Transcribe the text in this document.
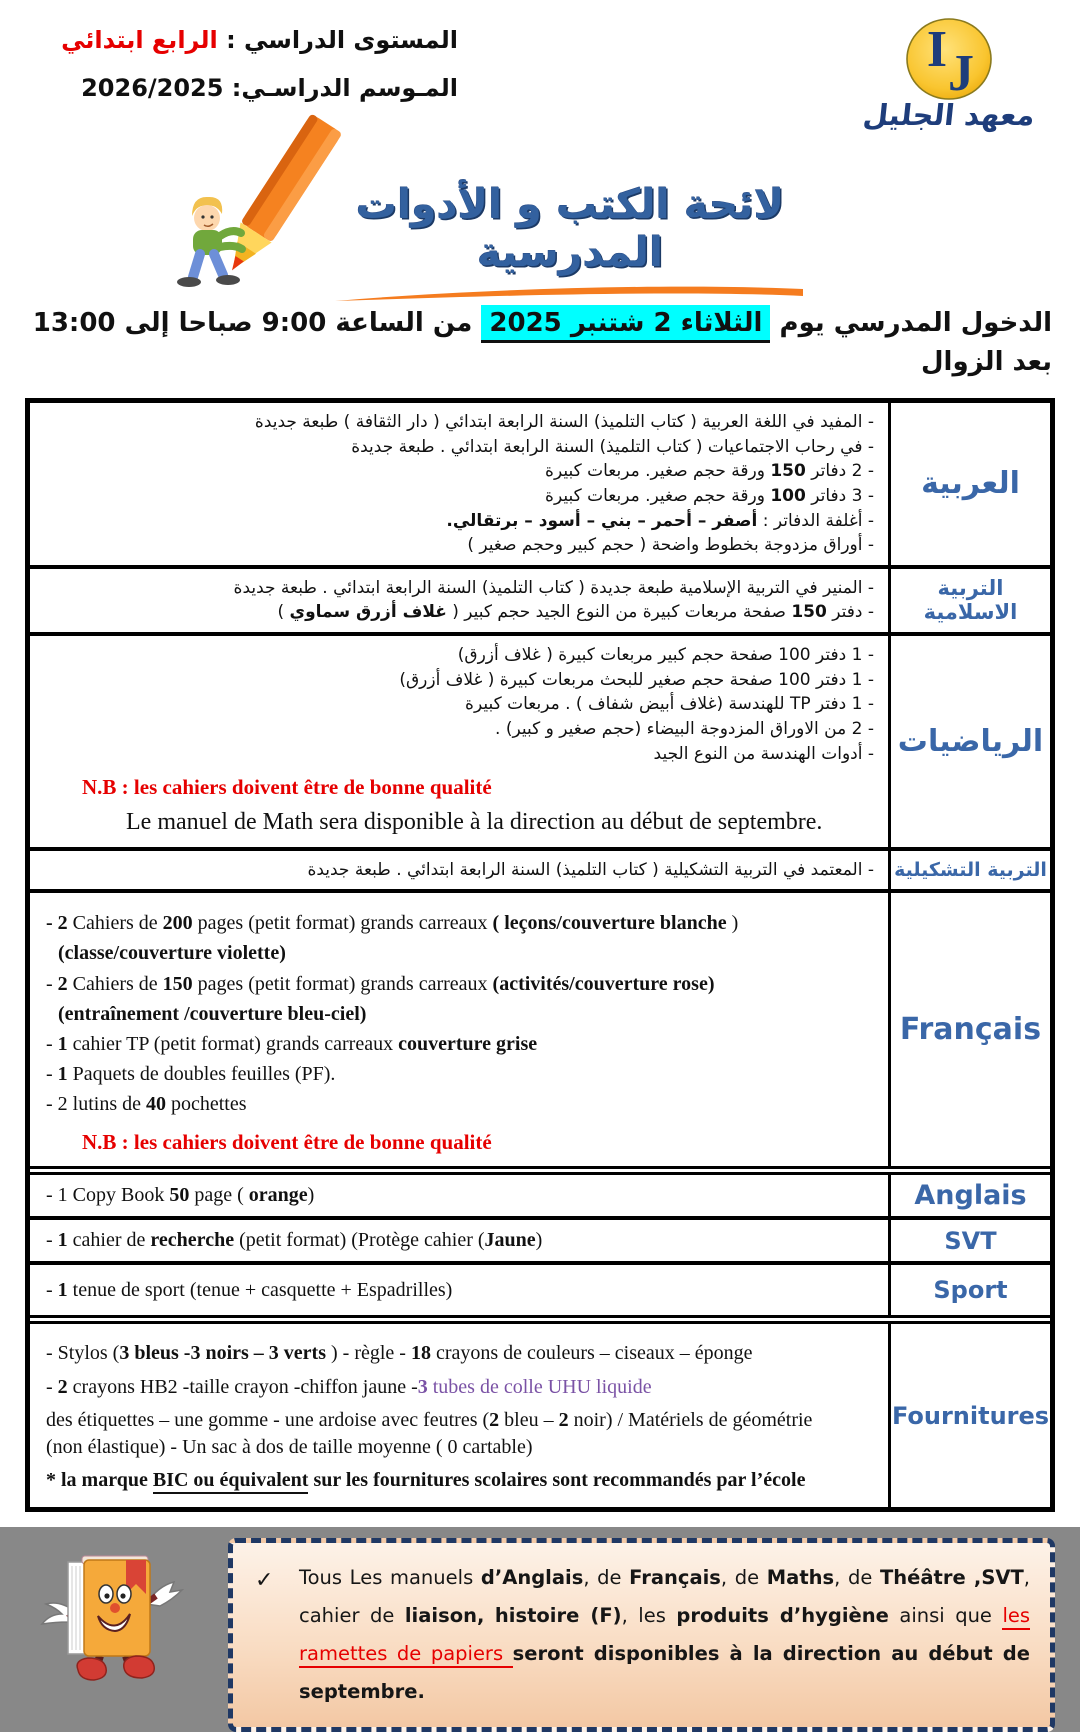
المستوى الدراسي : الرابع ابتدائي
المـوسم الدراسـي: 2026/2025
I J
معهد الجليل
لائحة الكتب و الأدوات المدرسية
الدخول المدرسي يوم الثلاثاء 2 شتنبر 2025 من الساعة 9:00 صباحا إلى 13:00 بعد الزوال
- المفيد في اللغة العربية ( كتاب التلميذ) السنة الرابعة ابتدائي ( دار الثقافة ) طبعة جديدة
- في رحاب الاجتماعيات ( كتاب التلميذ) السنة الرابعة ابتدائي . طبعة جديدة
- 2 دفاتر 150 ورقة حجم صغير. مربعات كبيرة
- 3 دفاتر 100 ورقة حجم صغير. مربعات كبيرة
- أغلفة الدفاتر : أصفر – أحمر – بني – أسود – برتقالي.
- أوراق مزدوجة بخطوط واضحة ( حجم كبير وحجم صغير )
العربية
- المنير في التربية الإسلامية طبعة جديدة ( كتاب التلميذ) السنة الرابعة ابتدائي . طبعة جديدة
- دفتر 150 صفحة مربعات كبيرة من النوع الجيد حجم كبير ( غلاف أزرق سماوي )
التربية الاسلامية
- 1 دفتر 100 صفحة حجم كبير مربعات كبيرة ( غلاف أزرق)
- 1 دفتر 100 صفحة حجم صغير للبحث مربعات كبيرة ( غلاف أزرق)
- 1 دفتر TP للهندسة (غلاف أبيض شفاف ) . مربعات كبيرة
- 2 من الاوراق المزدوجة البيضاء (حجم صغير و كبير) .
- أدوات الهندسة من النوع الجيد
N.B : les cahiers doivent être de bonne qualité
Le manuel de Math sera disponible à la direction au début de septembre.
الرياضيات
- المعتمد في التربية التشكيلية ( كتاب التلميذ) السنة الرابعة ابتدائي . طبعة جديدة التربية التشكيلية
- 2 Cahiers de 200 pages (petit format) grands carreaux ( leçons/couverture blanche )
(classe/couverture violette)
- 2 Cahiers de 150 pages (petit format) grands carreaux (activités/couverture rose)
(entraînement /couverture bleu-ciel)
- 1 cahier TP (petit format) grands carreaux couverture grise
- 1 Paquets de doubles feuilles (PF).
- 2 lutins de 40 pochettes
N.B : les cahiers doivent être de bonne qualité
Français
- 1 Copy Book 50 page ( orange)	Anglais
- 1 cahier de recherche (petit format) (Protège cahier (Jaune)	SVT
- 1 tenue de sport (tenue + casquette + Espadrilles)	Sport
- Stylos (3 bleus -3 noirs – 3 verts ) - règle - 18 crayons de couleurs – ciseaux – éponge
- 2 crayons HB2 -taille crayon -chiffon jaune -3 tubes de colle UHU liquide
des étiquettes – une gomme - une ardoise avec feutres (2 bleu – 2 noir) / Matériels de géométrie
(non élastique) - Un sac à dos de taille moyenne ( 0 cartable)
* la marque BIC ou équivalent sur les fournitures scolaires sont recommandés par l’école
Fournitures
✓ Tous Les manuels d’Anglais, de Français, de Maths, de Théâtre ,SVT, cahier de liaison, histoire (F), les produits d’hygiène ainsi que les ramettes de papiers seront disponibles à la direction au début de septembre.
